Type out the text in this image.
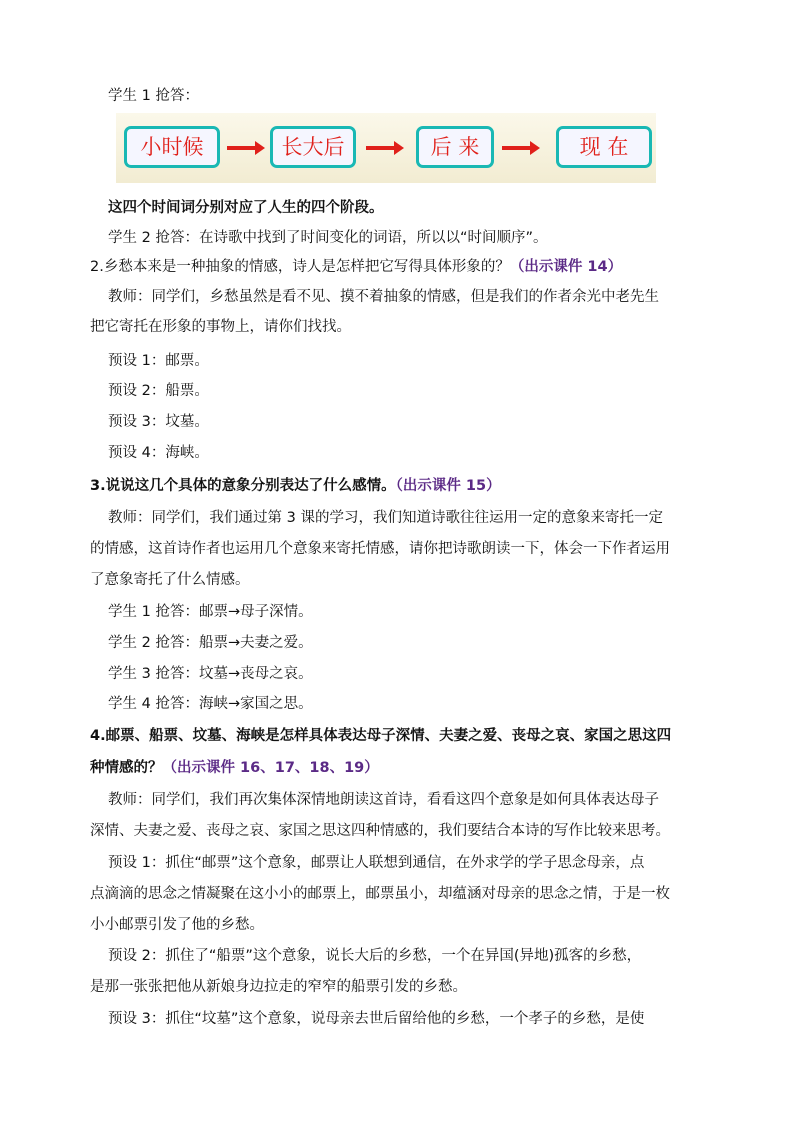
学生 1 抢答：
小时候	长大后	后 来	现 在
这四个时间词分别对应了人生的四个阶段。
学生 2 抢答：在诗歌中找到了时间变化的词语，所以以“时间顺序”。
2.乡愁本来是一种抽象的情感，诗人是怎样把它写得具体形象的？（出示课件 14）
教师：同学们，乡愁虽然是看不见、摸不着抽象的情感，但是我们的作者余光中老先生
把它寄托在形象的事物上，请你们找找。
预设 1：邮票。
预设 2：船票。
预设 3：坟墓。
预设 4：海峡。
3.说说这几个具体的意象分别表达了什么感情。（出示课件 15）
教师：同学们，我们通过第 3 课的学习，我们知道诗歌往往运用一定的意象来寄托一定
的情感，这首诗作者也运用几个意象来寄托情感，请你把诗歌朗读一下，体会一下作者运用
了意象寄托了什么情感。
学生 1 抢答：邮票→母子深情。
学生 2 抢答：船票→夫妻之爱。
学生 3 抢答：坟墓→丧母之哀。
学生 4 抢答：海峡→家国之思。
4.邮票、船票、坟墓、海峡是怎样具体表达母子深情、夫妻之爱、丧母之哀、家国之思这四
种情感的？（出示课件 16、17、18、19）
教师：同学们，我们再次集体深情地朗读这首诗，看看这四个意象是如何具体表达母子
深情、夫妻之爱、丧母之哀、家国之思这四种情感的，我们要结合本诗的写作比较来思考。
预设 1：抓住“邮票”这个意象，邮票让人联想到通信，在外求学的学子思念母亲，点
点滴滴的思念之情凝聚在这小小的邮票上，邮票虽小，却蕴涵对母亲的思念之情，于是一枚
小小邮票引发了他的乡愁。
预设 2：抓住了“船票”这个意象，说长大后的乡愁，一个在异国(异地)孤客的乡愁，
是那一张张把他从新娘身边拉走的窄窄的船票引发的乡愁。
预设 3：抓住“坟墓”这个意象，说母亲去世后留给他的乡愁，一个孝子的乡愁，是使
